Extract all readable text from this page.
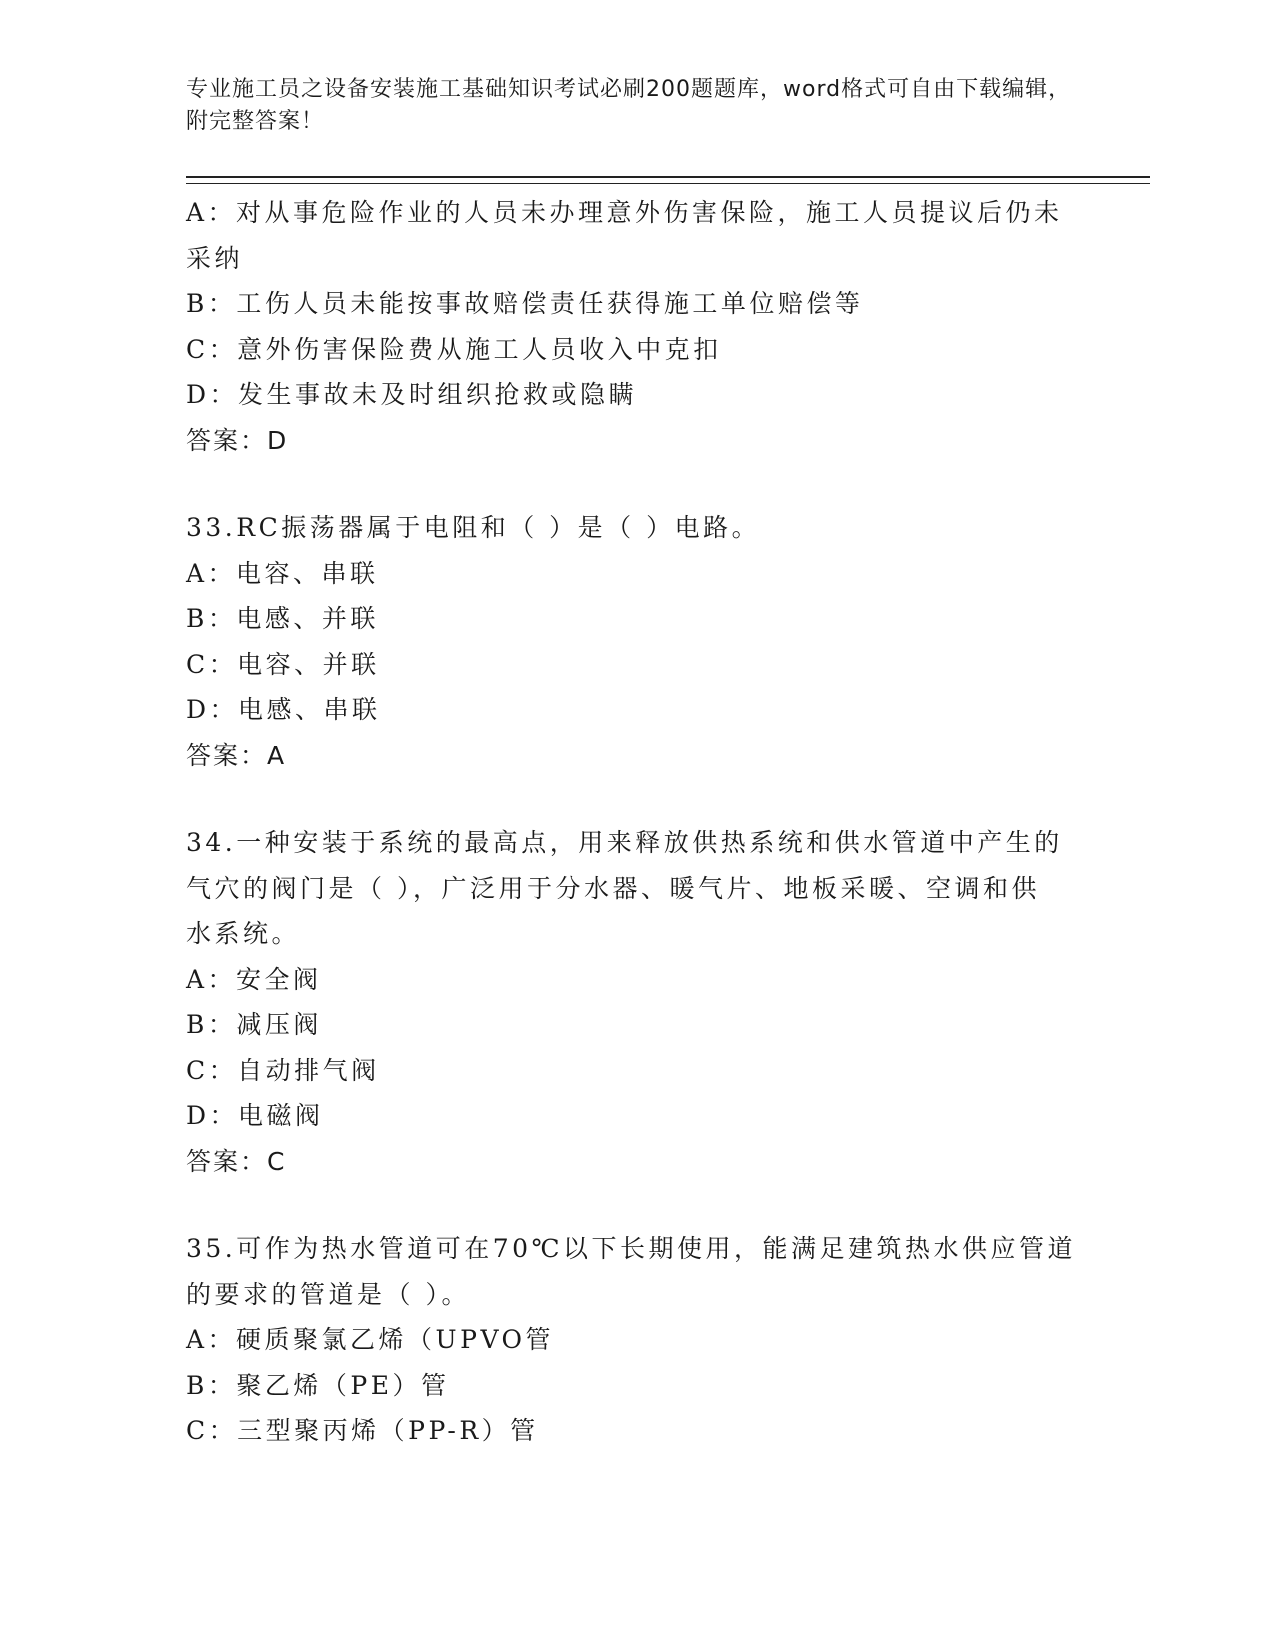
专业施工员之设备安装施工基础知识考试必刷200题题库，word格式可自由下载编辑，附完整答案！

A：对从事危险作业的人员未办理意外伤害保险，施工人员提议后仍未

采纳

B：工伤人员未能按事故赔偿责任获得施工单位赔偿等

C：意外伤害保险费从施工人员收入中克扣

D：发生事故未及时组织抢救或隐瞒

答案：D

33.RC振荡器属于电阻和（ ）是（ ）电路。

A：电容、串联

B：电感、并联

C：电容、并联

D：电感、串联

答案：A

34.一种安装于系统的最高点，用来释放供热系统和供水管道中产生的

气穴的阀门是（ ），广泛用于分水器、暖气片、地板采暖、空调和供

水系统。

A：安全阀

B：减压阀

C：自动排气阀

D：电磁阀

答案：C

35.可作为热水管道可在70℃以下长期使用，能满足建筑热水供应管道

的要求的管道是（ ）。

A：硬质聚氯乙烯（UPVO管

B：聚乙烯（PE）管

C：三型聚丙烯（PP-R）管
